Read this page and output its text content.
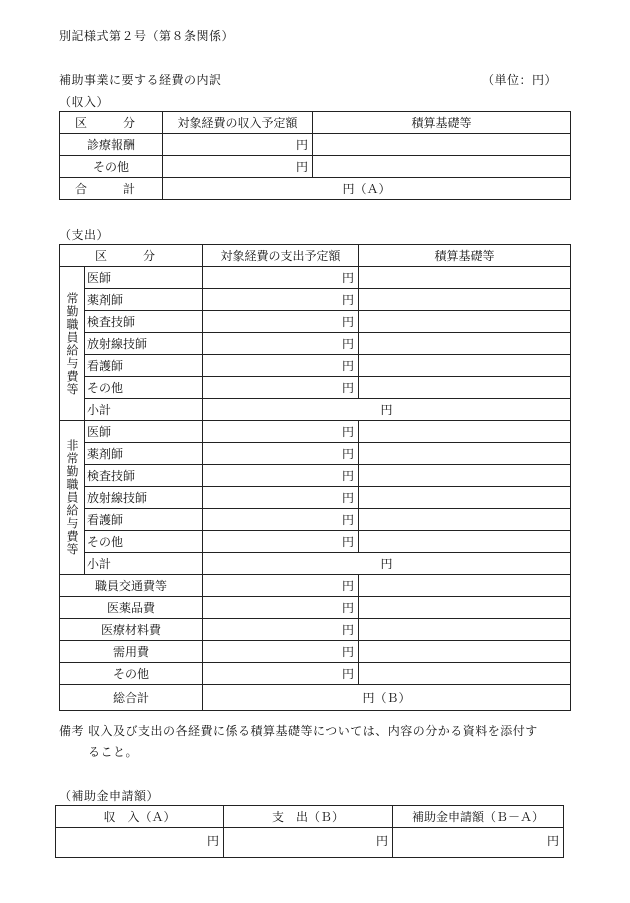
別記様式第２号（第８条関係）
補助事業に要する経費の内訳	（単位：円）
（収入）
区　分	対象経費の収入予定額	積算基礎等
診療報酬	円	
その他	円	
合　計	円（Ａ）	
（支出）
区　分		対象経費の支出予定額	積算基礎等
常勤職員給与費等	医師	円	
	薬剤師	円	
	検査技師	円	
	放射線技師	円	
	看護師	円	
	その他	円	
	小計	円	
非常勤職員給与費等	医師	円	
	薬剤師	円	
	検査技師	円	
	放射線技師	円	
	看護師	円	
	その他	円	
	小計	円	
職員交通費等		円	
医薬品費		円	
医療材料費		円	
需用費		円	
その他		円	
総合計		円（Ｂ）	
備考 収入及び支出の各経費に係る積算基礎等については、内容の分かる資料を添付す
ること。
（補助金申請額）
収　入（Ａ）	支　出（Ｂ）	補助金申請額（Ｂ－Ａ）
円	円	円
